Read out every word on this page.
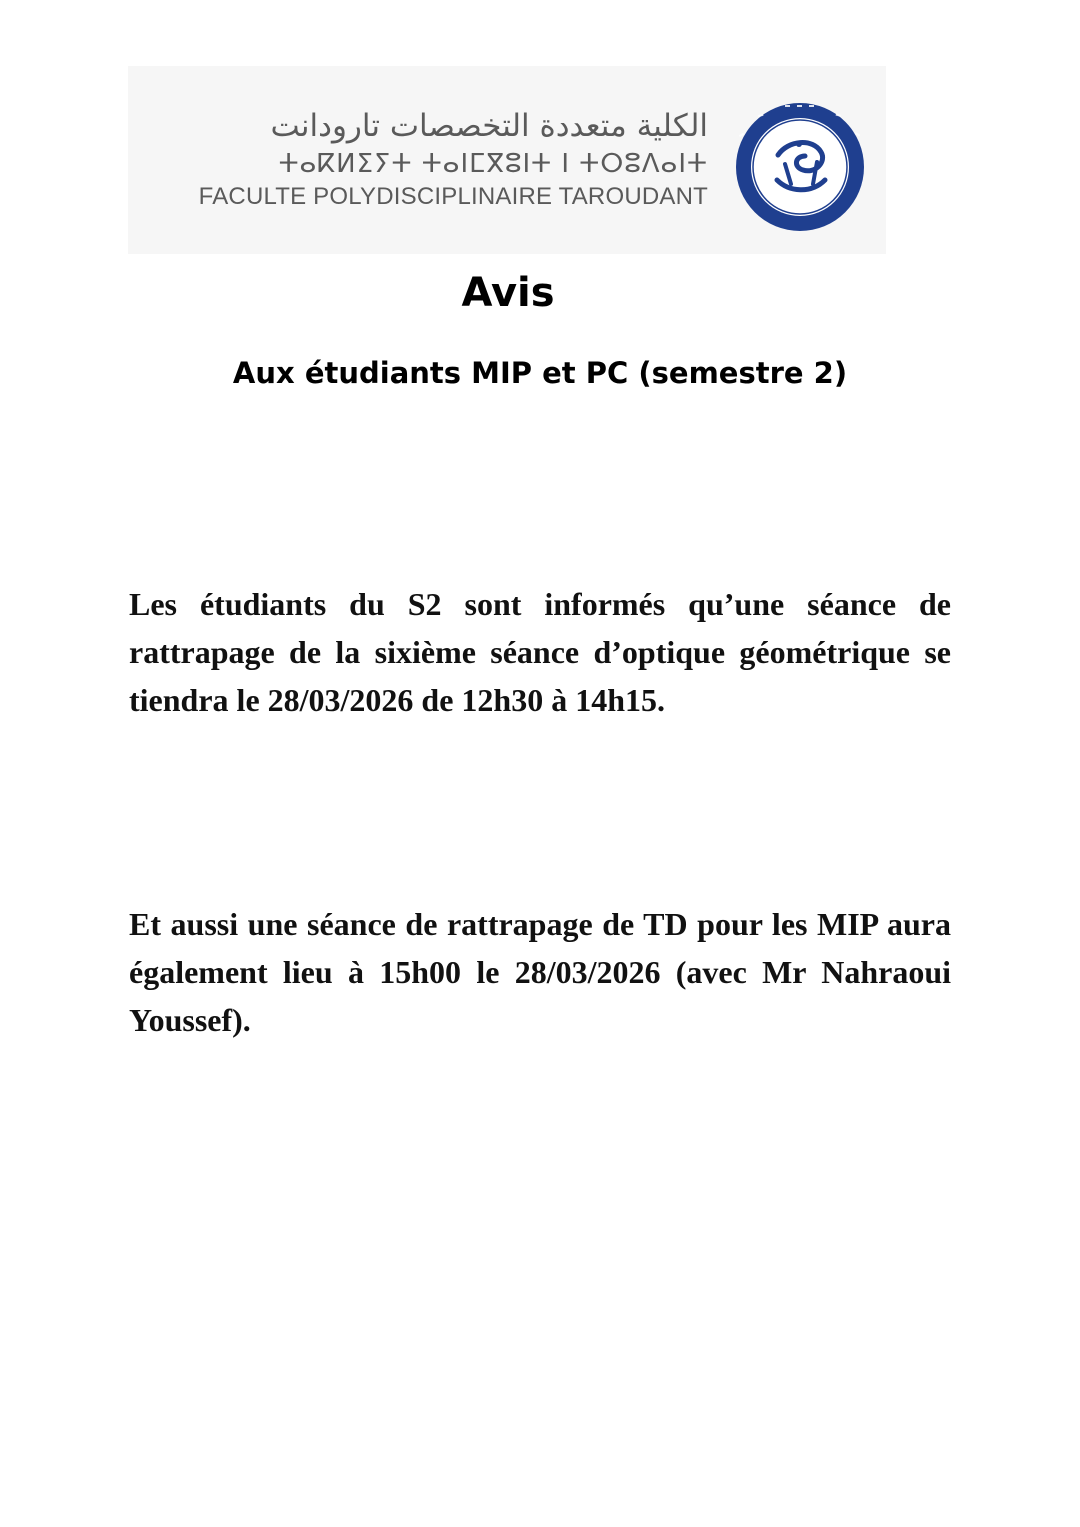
الكلية متعددة التخصصات تارودانت
ⵜⴰⴽⵍⵉⵢⵜ ⵜⴰⵏⵎⴳⵓⵏⵜ ⵏ ⵜⵔⵓⴷⴰⵏⵜ
FACULTE POLYDISCIPLINAIRE TAROUDANT
Avis
Aux étudiants MIP et PC (semestre 2)

Les étudiants du S2 sont informés qu’une séance de rattrapage de la sixième séance d’optique géométrique se tiendra le 28/03/2026 de 12h30 à 14h15.

Et aussi une séance de rattrapage de TD pour les MIP aura également lieu à 15h00 le 28/03/2026 (avec Mr Nahraoui Youssef).
